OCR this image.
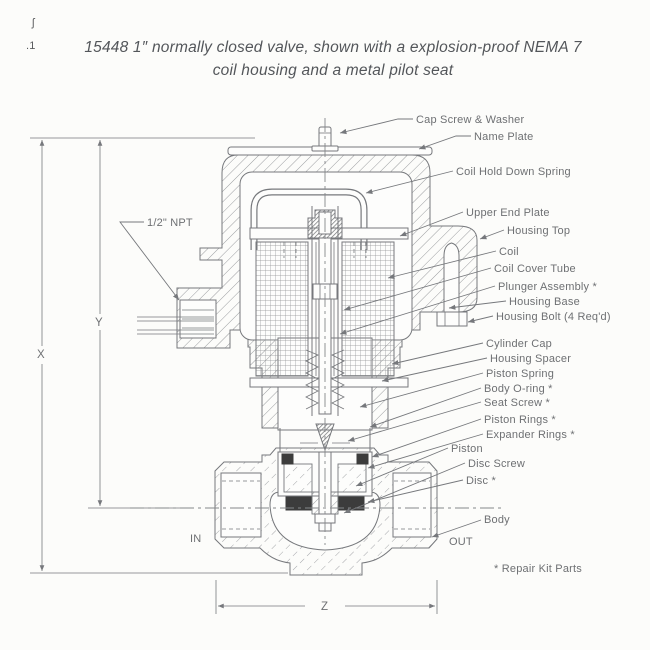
15448 1″ normally closed valve, shown with a explosion-proof NEMA 7
coil housing and a metal pilot seat
ʃ
.1
Cap Screw & Washer
Name Plate
Coil Hold Down Spring
Upper End Plate
Housing Top
Coil
Coil Cover Tube
Plunger Assembly *
Housing Base
Housing Bolt (4 Req'd)
Cylinder Cap
Housing Spacer
Piston Spring
Body O-ring *
Seat Screw *
Piston Rings *
Expander Rings *
Piston
Disc Screw
Disc *
Body
1/2" NPT
IN	OUT
* Repair Kit Parts
X
Y
Z
